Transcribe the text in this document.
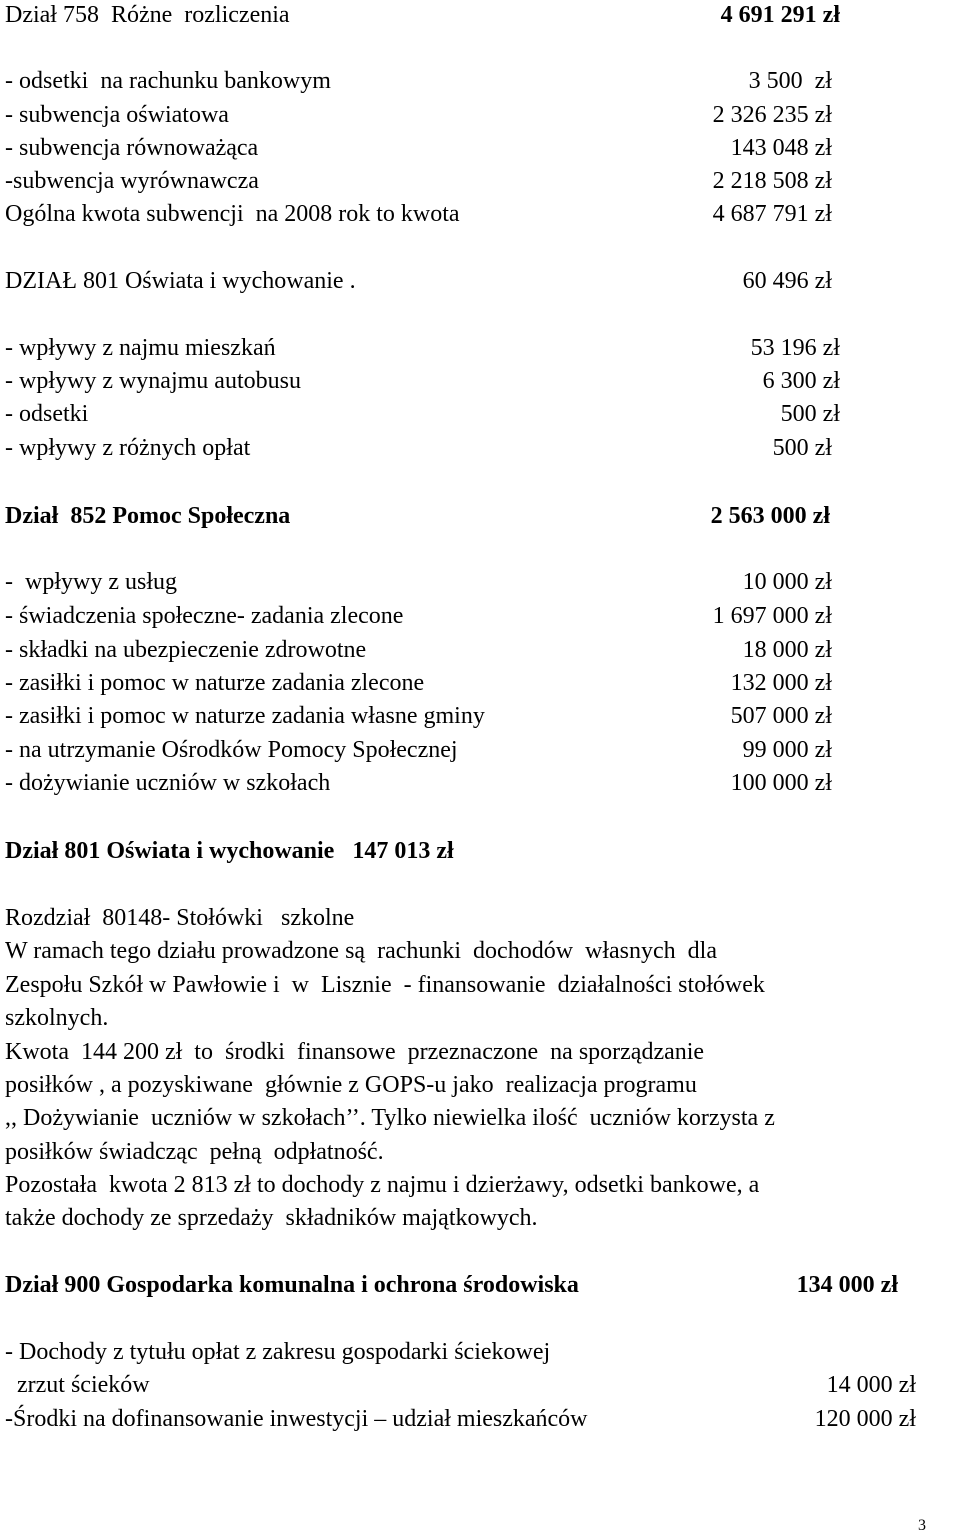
Dział 758  Różne  rozliczenia	4 691 291 zł
- odsetki  na rachunku bankowym	3 500  zł
- subwencja oświatowa	2 326 235 zł
- subwencja równoważąca	143 048 zł
-subwencja wyrównawcza	2 218 508 zł
Ogólna kwota subwencji  na 2008 rok to kwota	4 687 791 zł
DZIAŁ 801 Oświata i wychowanie .	60 496 zł
- wpływy z najmu mieszkań	53 196 zł
- wpływy z wynajmu autobusu	6 300 zł
- odsetki	500 zł
- wpływy z różnych opłat	500 zł
Dział  852 Pomoc Społeczna	2 563 000 zł
-  wpływy z usług	10 000 zł
- świadczenia społeczne- zadania zlecone	1 697 000 zł
- składki na ubezpieczenie zdrowotne	18 000 zł
- zasiłki i pomoc w naturze zadania zlecone	132 000 zł
- zasiłki i pomoc w naturze zadania własne gminy	507 000 zł
- na utrzymanie Ośrodków Pomocy Społecznej	99 000 zł
- dożywianie uczniów w szkołach	100 000 zł
Dział 801 Oświata i wychowanie   147 013 zł
Rozdział  80148- Stołówki   szkolne
W ramach tego działu prowadzone są  rachunki  dochodów  własnych  dla
Zespołu Szkół w Pawłowie i  w  Lisznie  - finansowanie  działalności stołówek
szkolnych.
Kwota  144 200 zł  to  środki  finansowe  przeznaczone  na sporządzanie
posiłków , a pozyskiwane  głównie z GOPS-u jako  realizacja programu
,, Dożywianie  uczniów w szkołach’’. Tylko niewielka ilość  uczniów korzysta z
posiłków świadcząc  pełną  odpłatność.
Pozostała  kwota 2 813 zł to dochody z najmu i dzierżawy, odsetki bankowe, a
także dochody ze sprzedaży  składników majątkowych.
Dział 900 Gospodarka komunalna i ochrona środowiska	134 000 zł
- Dochody z tytułu opłat z zakresu gospodarki ściekowej
zrzut ścieków	14 000 zł
-Środki na dofinansowanie inwestycji – udział mieszkańców	120 000 zł
3
